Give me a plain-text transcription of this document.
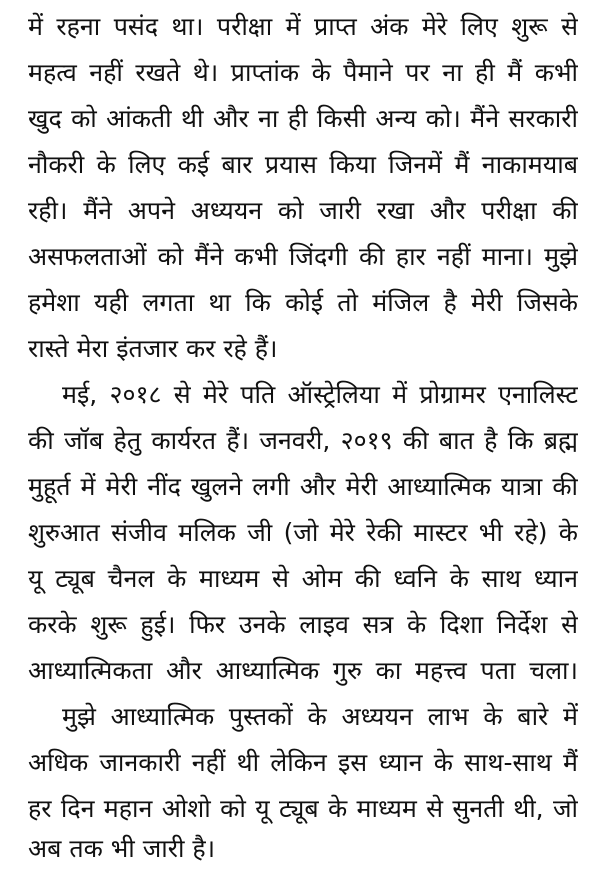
में रहना पसंद था। परीक्षा में प्राप्त अंक मेरे लिए शुरू से
महत्व नहीं रखते थे। प्राप्तांक के पैमाने पर ना ही मैं कभी
खुद को आंकती थी और ना ही किसी अन्य को। मैंने सरकारी
नौकरी के लिए कई बार प्रयास किया जिनमें मैं नाकामयाब
रही। मैंने अपने अध्ययन को जारी रखा और परीक्षा की
असफलताओं को मैंने कभी जिंदगी की हार नहीं माना। मुझे
हमेशा यही लगता था कि कोई तो मंजिल है मेरी जिसके
रास्ते मेरा इंतजार कर रहे हैं।
मई, २०१८ से मेरे पति ऑस्ट्रेलिया में प्रोग्रामर एनालिस्ट
की जॉब हेतु कार्यरत हैं। जनवरी, २०१९ की बात है कि ब्रह्म
मुहूर्त में मेरी नींद खुलने लगी और मेरी आध्यात्मिक यात्रा की
शुरुआत संजीव मलिक जी (जो मेरे रेकी मास्टर भी रहे) के
यू ट्यूब चैनल के माध्यम से ओम की ध्वनि के साथ ध्यान
करके शुरू हुई। फिर उनके लाइव सत्र के दिशा निर्देश से
आध्यात्मिकता और आध्यात्मिक गुरु का महत्त्व पता चला।
मुझे आध्यात्मिक पुस्तकों के अध्ययन लाभ के बारे में
अधिक जानकारी नहीं थी लेकिन इस ध्यान के साथ-साथ मैं
हर दिन महान ओशो को यू ट्यूब के माध्यम से सुनती थी, जो
अब तक भी जारी है।
